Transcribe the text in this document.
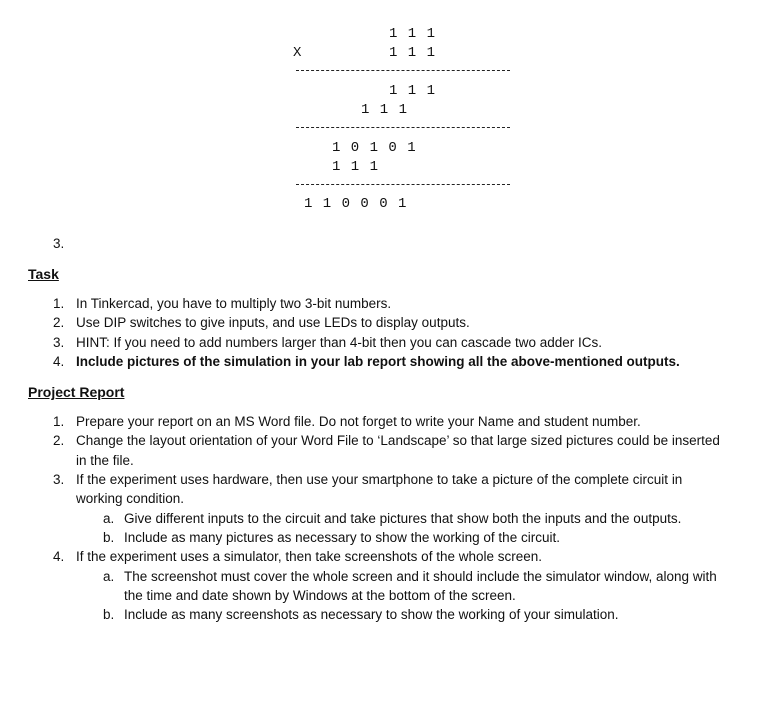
1 1 1
X	1 1 1
1 1 1
1 1 1
1 0 1 0 1
1 1 1
1 1 0 0 0 1
3.
Task
1. In Tinkercad, you have to multiply two 3-bit numbers.
2. Use DIP switches to give inputs, and use LEDs to display outputs.
3. HINT: If you need to add numbers larger than 4-bit then you can cascade two adder ICs.
4. Include pictures of the simulation in your lab report showing all the above-mentioned outputs.
Project Report
1. Prepare your report on an MS Word file. Do not forget to write your Name and student number.
2. Change the layout orientation of your Word File to ‘Landscape’ so that large sized pictures could be inserted
in the file.
3. If the experiment uses hardware, then use your smartphone to take a picture of the complete circuit in
working condition.
a. Give different inputs to the circuit and take pictures that show both the inputs and the outputs.
b. Include as many pictures as necessary to show the working of the circuit.
4. If the experiment uses a simulator, then take screenshots of the whole screen.
a. The screenshot must cover the whole screen and it should include the simulator window, along with
the time and date shown by Windows at the bottom of the screen.
b. Include as many screenshots as necessary to show the working of your simulation.
